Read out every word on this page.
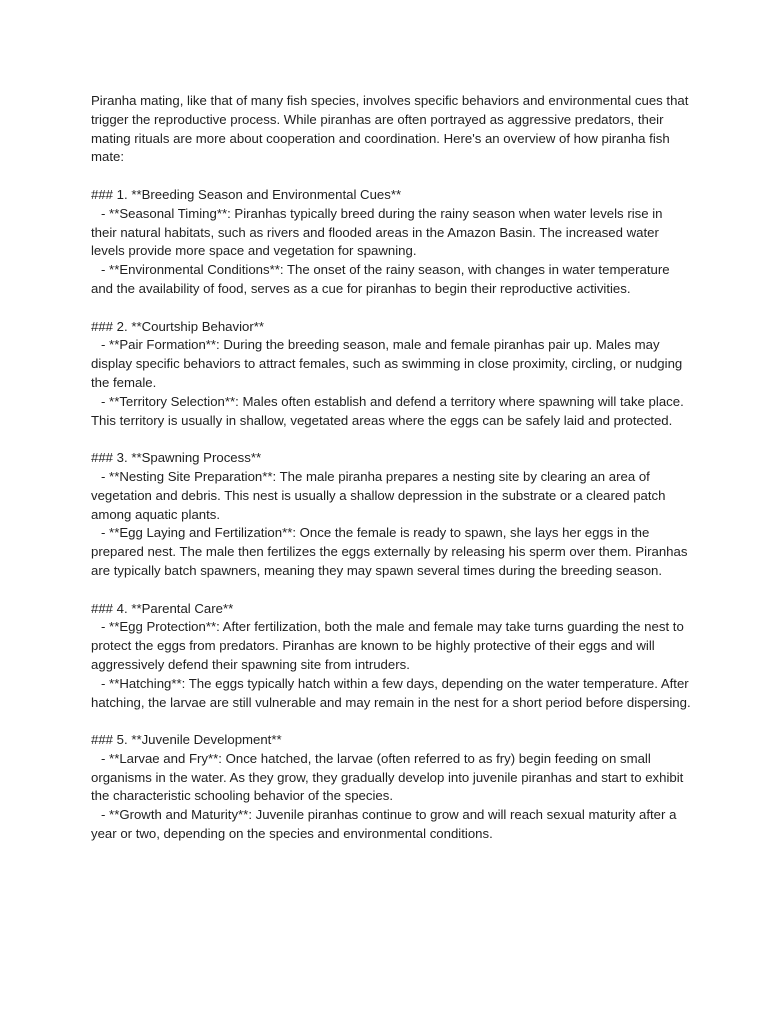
Piranha mating, like that of many fish species, involves specific behaviors and environmental cues that trigger the reproductive process. While piranhas are often portrayed as aggressive predators, their mating rituals are more about cooperation and coordination. Here's an overview of how piranha fish mate:

### 1. **Breeding Season and Environmental Cues**

- **Seasonal Timing**: Piranhas typically breed during the rainy season when water levels rise in their natural habitats, such as rivers and flooded areas in the Amazon Basin. The increased water levels provide more space and vegetation for spawning.

- **Environmental Conditions**: The onset of the rainy season, with changes in water temperature and the availability of food, serves as a cue for piranhas to begin their reproductive activities.

### 2. **Courtship Behavior**

- **Pair Formation**: During the breeding season, male and female piranhas pair up. Males may display specific behaviors to attract females, such as swimming in close proximity, circling, or nudging the female.

- **Territory Selection**: Males often establish and defend a territory where spawning will take place. This territory is usually in shallow, vegetated areas where the eggs can be safely laid and protected.

### 3. **Spawning Process**

- **Nesting Site Preparation**: The male piranha prepares a nesting site by clearing an area of vegetation and debris. This nest is usually a shallow depression in the substrate or a cleared patch among aquatic plants.

- **Egg Laying and Fertilization**: Once the female is ready to spawn, she lays her eggs in the prepared nest. The male then fertilizes the eggs externally by releasing his sperm over them. Piranhas are typically batch spawners, meaning they may spawn several times during the breeding season.

### 4. **Parental Care**

- **Egg Protection**: After fertilization, both the male and female may take turns guarding the nest to protect the eggs from predators. Piranhas are known to be highly protective of their eggs and will aggressively defend their spawning site from intruders.

- **Hatching**: The eggs typically hatch within a few days, depending on the water temperature. After hatching, the larvae are still vulnerable and may remain in the nest for a short period before dispersing.

### 5. **Juvenile Development**

- **Larvae and Fry**: Once hatched, the larvae (often referred to as fry) begin feeding on small organisms in the water. As they grow, they gradually develop into juvenile piranhas and start to exhibit the characteristic schooling behavior of the species.

- **Growth and Maturity**: Juvenile piranhas continue to grow and will reach sexual maturity after a year or two, depending on the species and environmental conditions.
